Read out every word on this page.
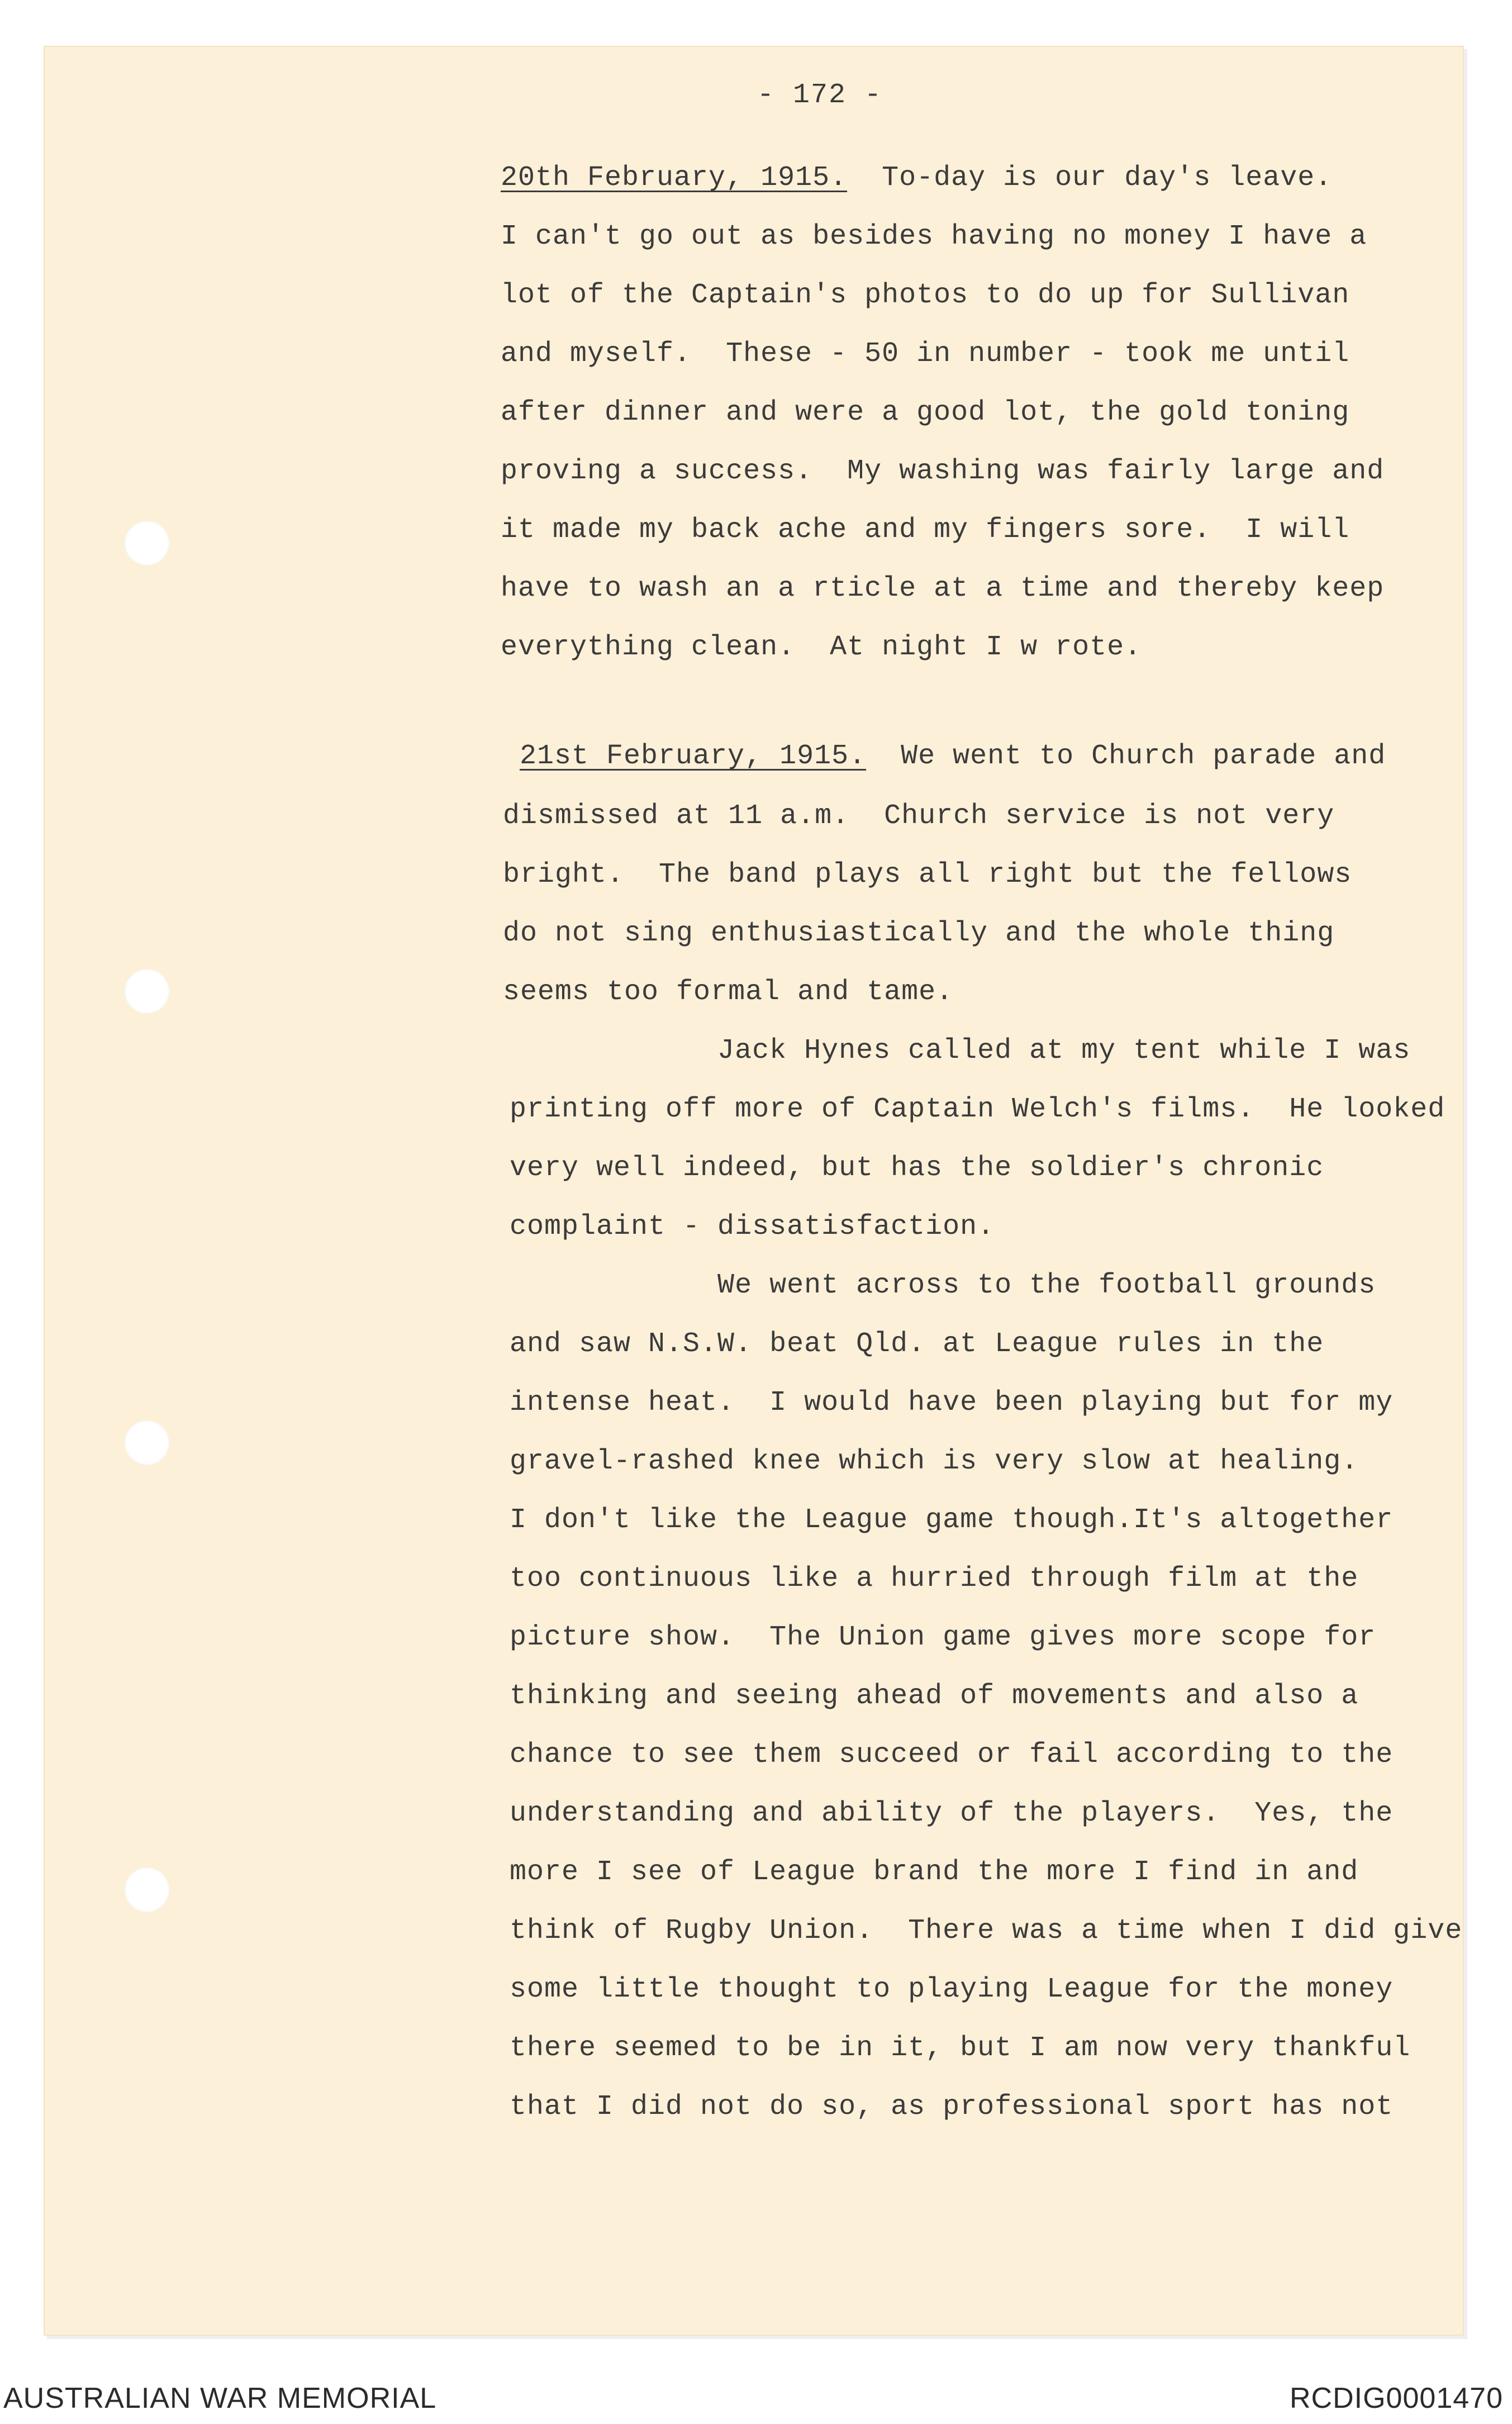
- 172 -
20th February, 1915.  To-day is our day's leave.
I can't go out as besides having no money I have a
lot of the Captain's photos to do up for Sullivan
and myself.  These - 50 in number - took me until
after dinner and were a good lot, the gold toning
proving a success.  My washing was fairly large and
it made my back ache and my fingers sore.  I will
have to wash an a rticle at a time and thereby keep
everything clean.  At night I w rote.
21st February, 1915.  We went to Church parade and
dismissed at 11 a.m.  Church service is not very
bright.  The band plays all right but the fellows
do not sing enthusiastically and the whole thing
seems too formal and tame.
Jack Hynes called at my tent while I was
printing off more of Captain Welch's films.  He looked
very well indeed, but has the soldier's chronic
complaint - dissatisfaction.
We went across to the football grounds
and saw N.S.W. beat Qld. at League rules in the
intense heat.  I would have been playing but for my
gravel-rashed knee which is very slow at healing.
I don't like the League game though.It's altogether
too continuous like a hurried through film at the
picture show.  The Union game gives more scope for
thinking and seeing ahead of movements and also a
chance to see them succeed or fail according to the
understanding and ability of the players.  Yes, the
more I see of League brand the more I find in and
think of Rugby Union.  There was a time when I did give
some little thought to playing League for the money
there seemed to be in it, but I am now very thankful
that I did not do so, as professional sport has not
AUSTRALIAN WAR MEMORIAL	RCDIG0001470
